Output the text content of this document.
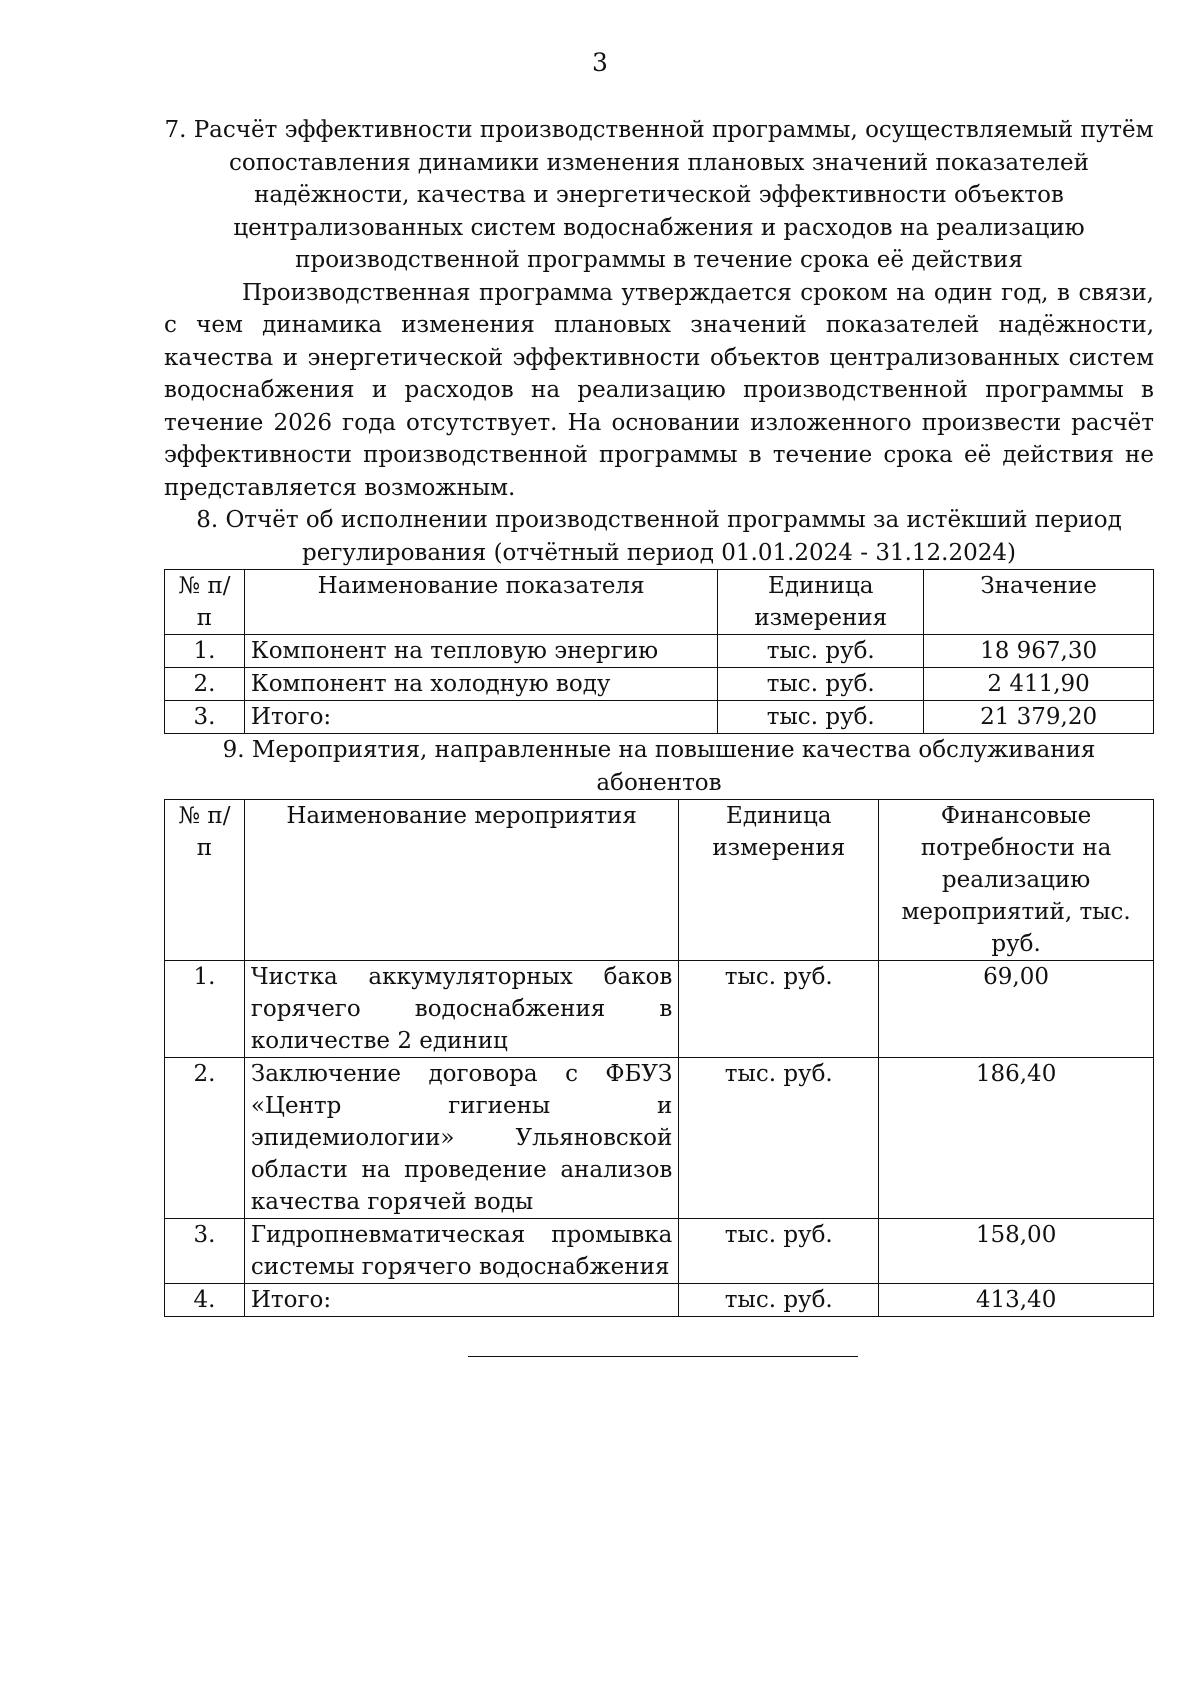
3
7. Расчёт эффективности производственной программы, осуществляемый путём
сопоставления динамики изменения плановых значений показателей
надёжности, качества и энергетической эффективности объектов
централизованных систем водоснабжения и расходов на реализацию
производственной программы в течение срока её действия

Производственная программа утверждается сроком на один год, в связи, с чем динамика изменения плановых значений показателей надёжности, качества и энергетической эффективности объектов централизованных систем водоснабжения и расходов на реализацию производственной программы в течение 2026 года отсутствует. На основании изложенного произвести расчёт эффективности производственной программы в течение срока её действия не представляется возможным.

8. Отчёт об исполнении производственной программы за истёкший период
регулирования (отчётный период 01.01.2024 - 31.12.2024)
№ п/п	Наименование показателя	Единица измерения	Значение
1.	Компонент на тепловую энергию	тыс. руб.	18 967,30
2.	Компонент на холодную воду	тыс. руб.	2 411,90
3.	Итого:	тыс. руб.	21 379,20
9. Мероприятия, направленные на повышение качества обслуживания
абонентов
№ п/п	Наименование мероприятия	Единица измерения	Финансовые потребности на реализацию мероприятий, тыс. руб.
1.	Чистка аккумуляторных баков горячего водоснабжения в количестве 2 единиц	тыс. руб.	69,00
2.	Заключение договора с ФБУЗ «Центр гигиены и эпидемиологии» Ульяновской области на проведение анализов качества горячей воды	тыс. руб.	186,40
3.	Гидропневматическая промывка системы горячего водоснабжения	тыс. руб.	158,00
4.	Итого:	тыс. руб.	413,40
